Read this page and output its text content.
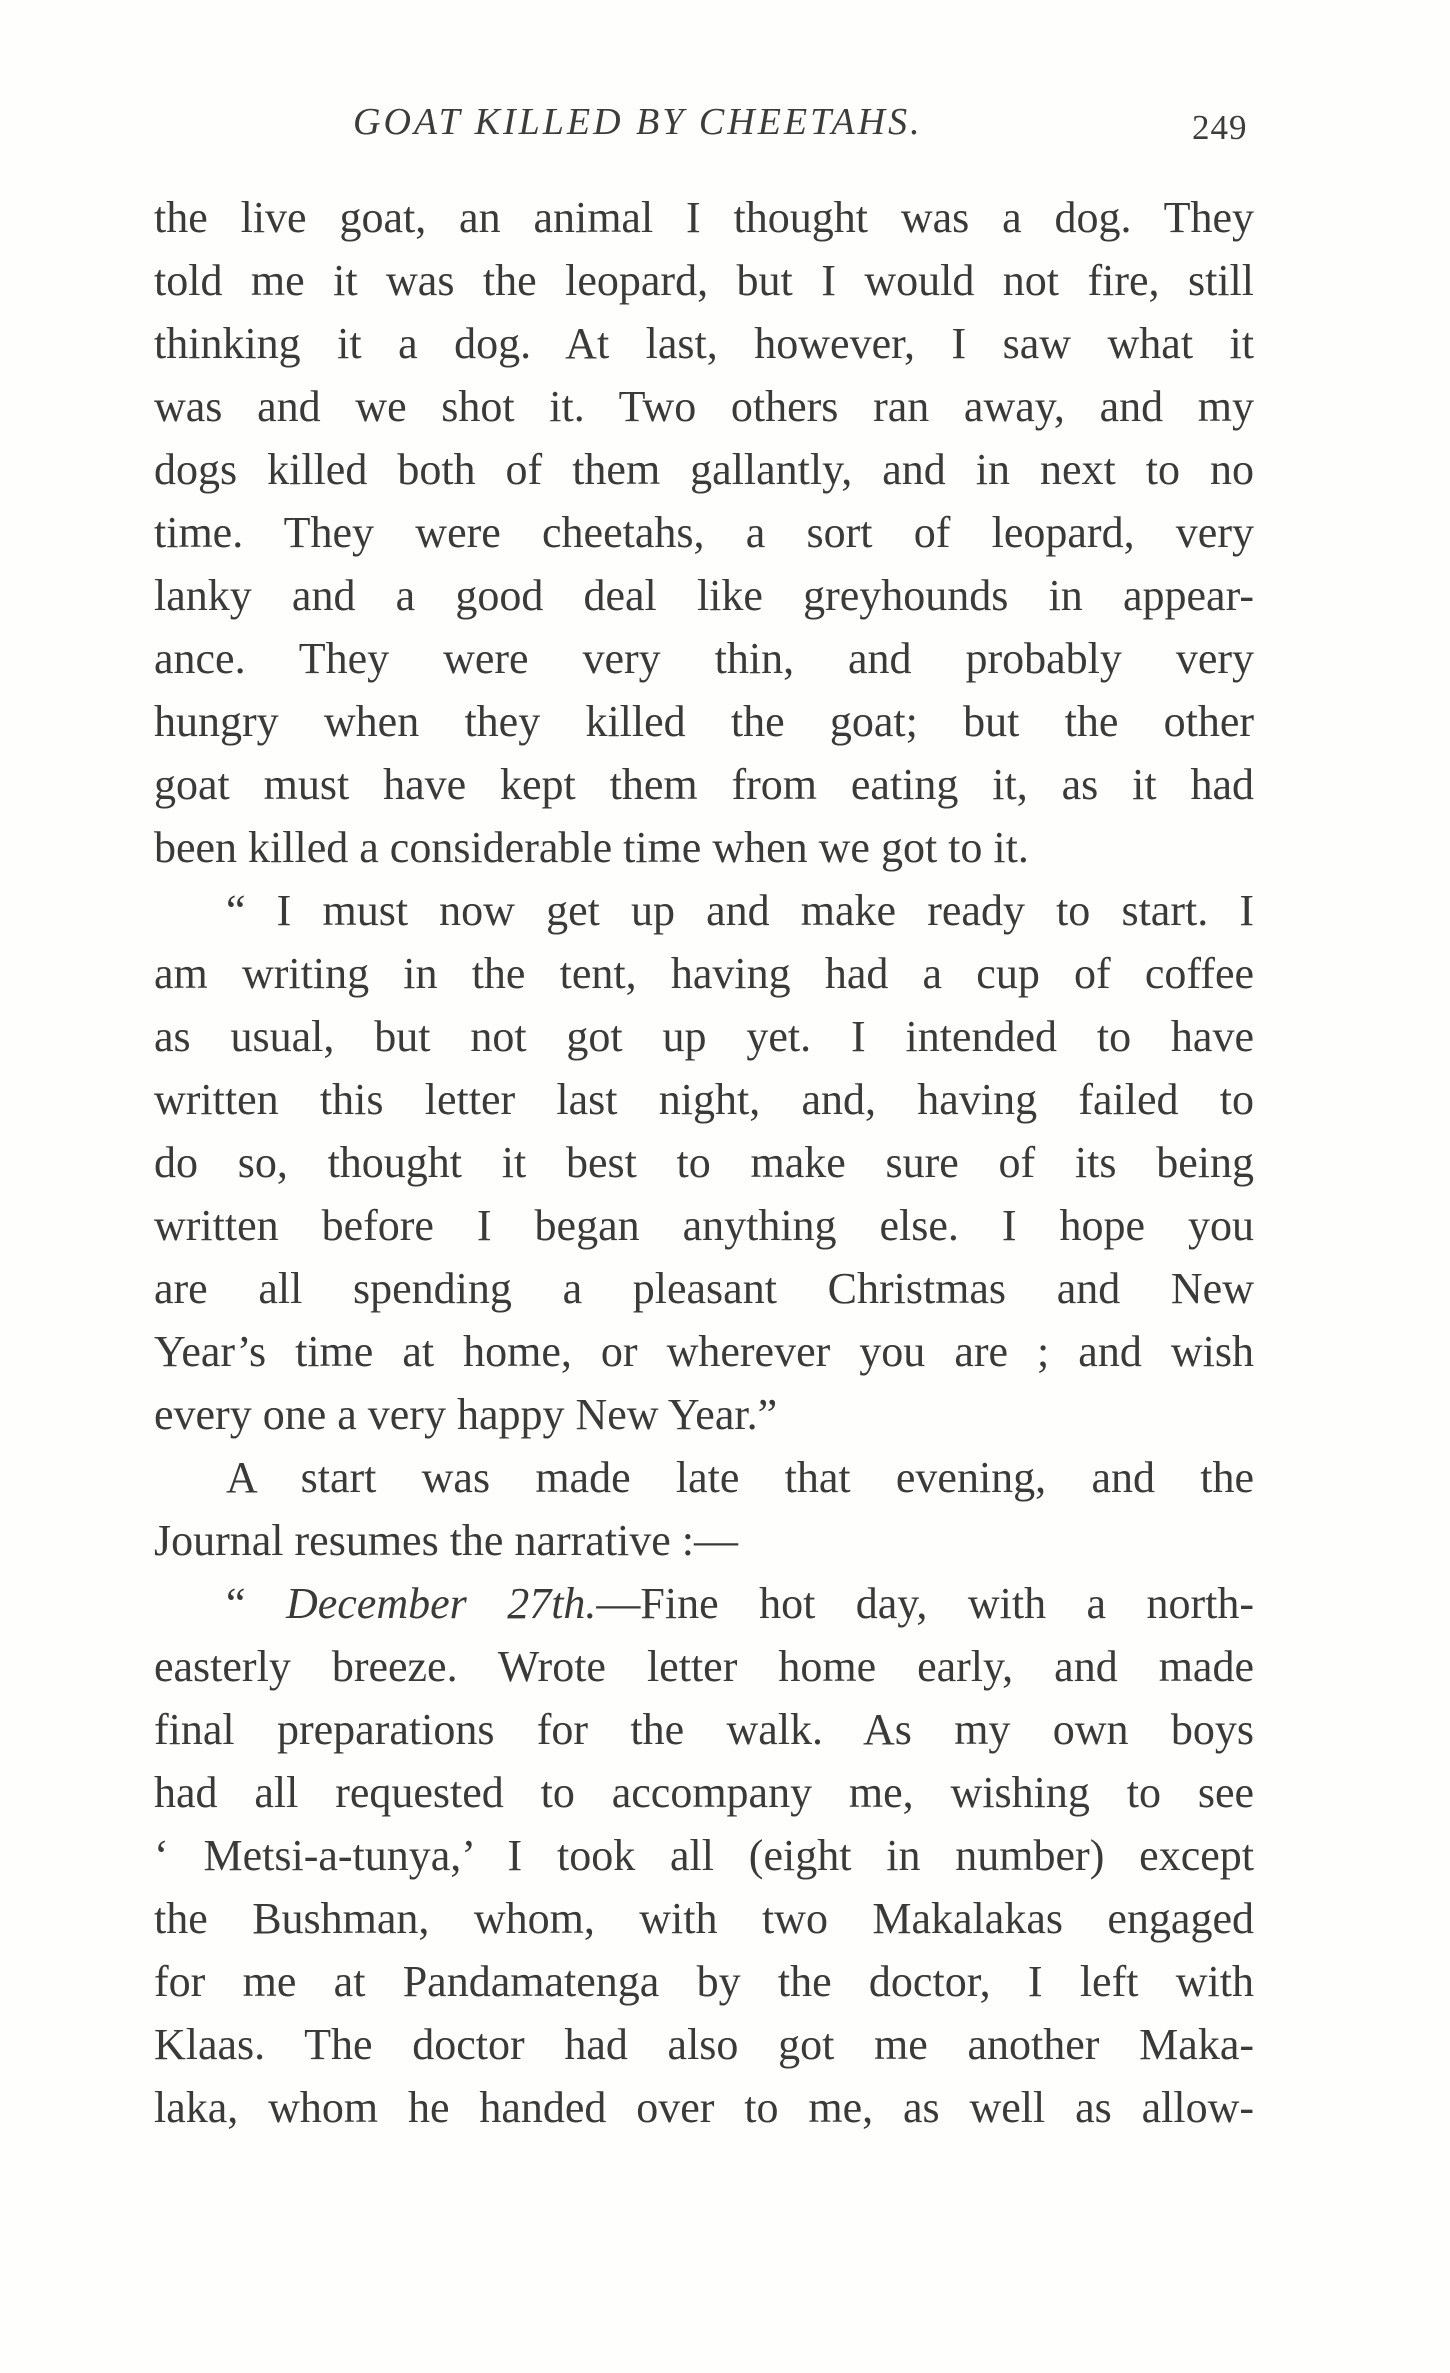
GOAT KILLED BY CHEETAHS.	249
the live goat, an animal I thought was a dog. They
told me it was the leopard, but I would not fire, still
thinking it a dog. At last, however, I saw what it
was and we shot it. Two others ran away, and my
dogs killed both of them gallantly, and in next to no
time. They were cheetahs, a sort of leopard, very
lanky and a good deal like greyhounds in appear-
ance. They were very thin, and probably very
hungry when they killed the goat; but the other
goat must have kept them from eating it, as it had
been killed a considerable time when we got to it.
“ I must now get up and make ready to start. I
am writing in the tent, having had a cup of coffee
as usual, but not got up yet. I intended to have
written this letter last night, and, having failed to
do so, thought it best to make sure of its being
written before I began anything else. I hope you
are all spending a pleasant Christmas and New
Year’s time at home, or wherever you are ; and wish
every one a very happy New Year.”
A start was made late that evening, and the
Journal resumes the narrative :—
“ December 27th.—Fine hot day, with a north-
easterly breeze. Wrote letter home early, and made
final preparations for the walk. As my own boys
had all requested to accompany me, wishing to see
‘ Metsi-a-tunya,’ I took all (eight in number) except
the Bushman, whom, with two Makalakas engaged
for me at Pandamatenga by the doctor, I left with
Klaas. The doctor had also got me another Maka-
laka, whom he handed over to me, as well as allow-
